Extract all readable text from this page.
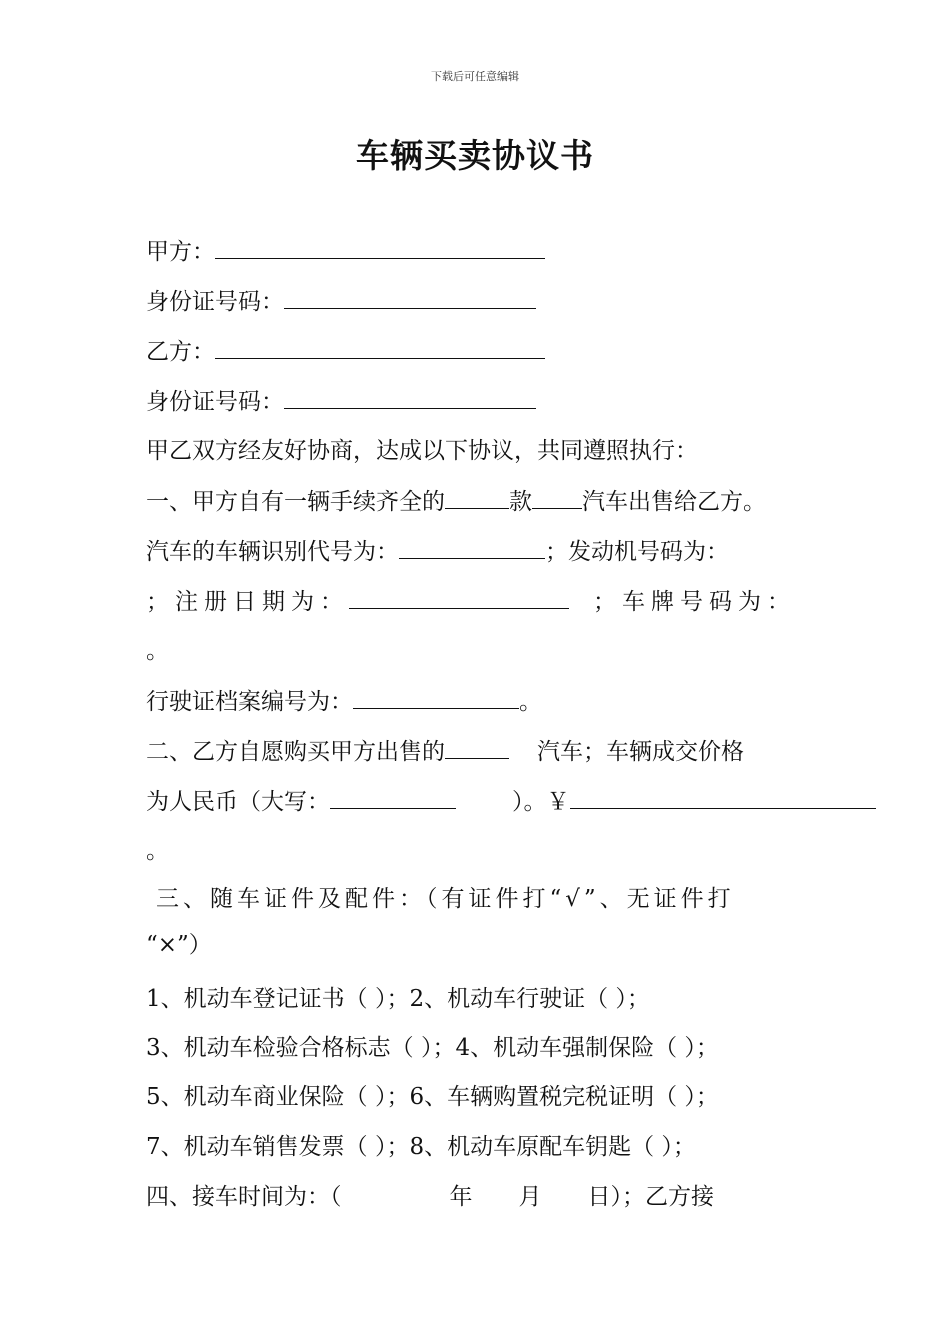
下载后可任意编辑
车辆买卖协议书
甲方：
身份证号码：
乙方：
身份证号码：
甲乙双方经友好协商，达成以下协议，共同遵照执行：
一、甲方自有一辆手续齐全的	款 汽车出售给乙方。
汽车的车辆识别代号为：	；发动机号码为：
；注册日期为：	；车牌号码为：
。
行驶证档案编号为：	。
二、乙方自愿购买甲方出售的	汽车；车辆成交价格
为人民币（大写：	）。￥
。
三、随车证件及配件：（有证件打“√”、无证件打
“×”）
1、机动车登记证书（ ）；2、机动车行驶证（ ）；
3、机动车检验合格标志（ ）；4、机动车强制保险（ ）；
5、机动车商业保险（ ）；6、车辆购置税完税证明（ ）；
7、机动车销售发票（ ）；8、机动车原配车钥匙（ ）；
四、接车时间为：（	年 月 日）；乙方接
